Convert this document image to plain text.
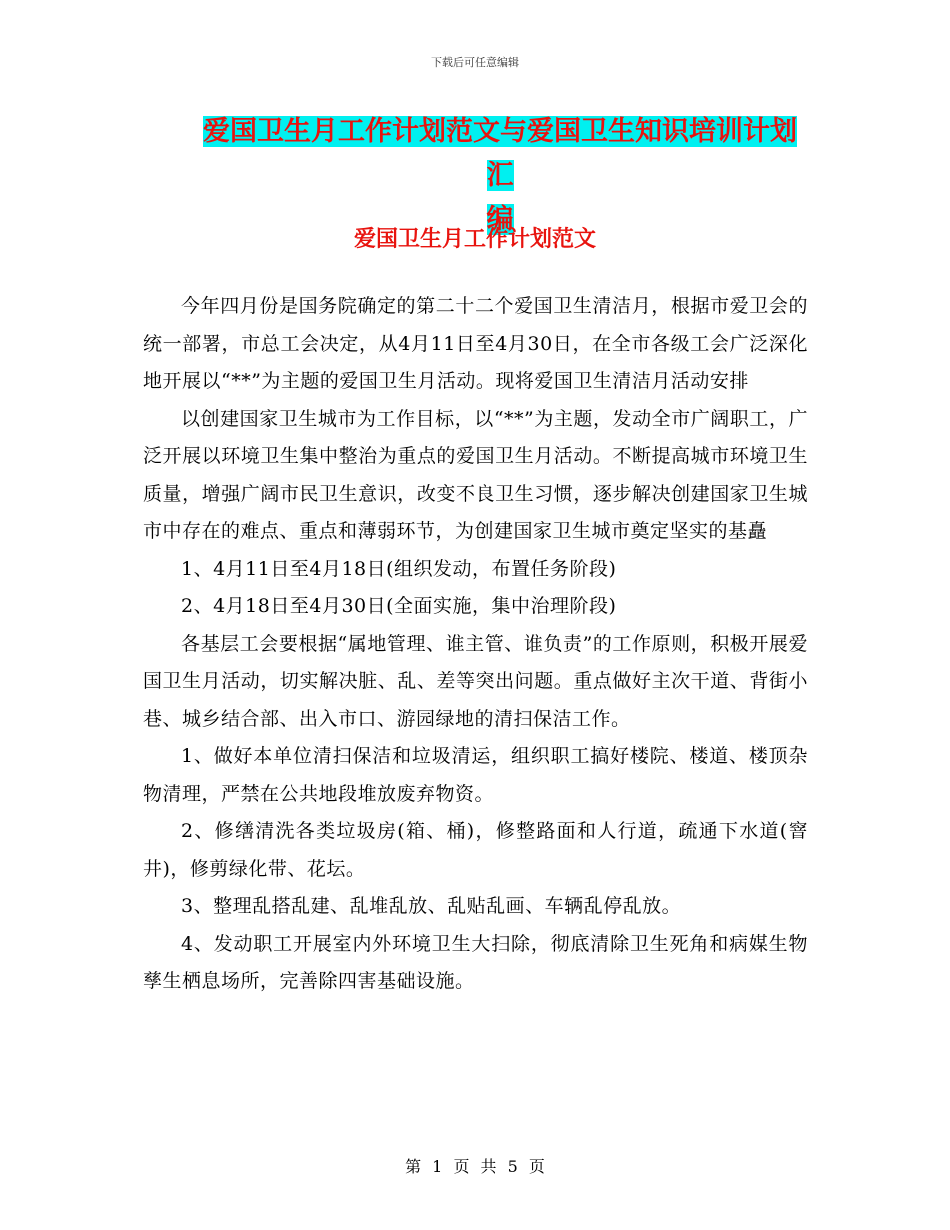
下载后可任意编辑
爱国卫生月工作计划范文与爱国卫生知识培训计划汇
编
爱国卫生月工作计划范文

今年四月份是国务院确定的第二十二个爱国卫生清洁月，根据市爱卫会的统一部署，市总工会决定，从4月11日至4月30日，在全市各级工会广泛深化地开展以“**”为主题的爱国卫生月活动。现将爱国卫生清洁月活动安排

以创建国家卫生城市为工作目标，以“**”为主题，发动全市广阔职工，广泛开展以环境卫生集中整治为重点的爱国卫生月活动。不断提高城市环境卫生质量，增强广阔市民卫生意识，改变不良卫生习惯，逐步解决创建国家卫生城市中存在的难点、重点和薄弱环节，为创建国家卫生城市奠定坚实的基矗

1、4月11日至4月18日(组织发动，布置任务阶段)

2、4月18日至4月30日(全面实施，集中治理阶段)

各基层工会要根据“属地管理、谁主管、谁负责”的工作原则，积极开展爱国卫生月活动，切实解决脏、乱、差等突出问题。重点做好主次干道、背街小巷、城乡结合部、出入市口、游园绿地的清扫保洁工作。

1、做好本单位清扫保洁和垃圾清运，组织职工搞好楼院、楼道、楼顶杂物清理，严禁在公共地段堆放废弃物资。

2、修缮清洗各类垃圾房(箱、桶)，修整路面和人行道，疏通下水道(窨井)，修剪绿化带、花坛。

3、整理乱搭乱建、乱堆乱放、乱贴乱画、车辆乱停乱放。

4、发动职工开展室内外环境卫生大扫除，彻底清除卫生死角和病媒生物孳生栖息场所，完善除四害基础设施。

第 1 页 共 5 页
